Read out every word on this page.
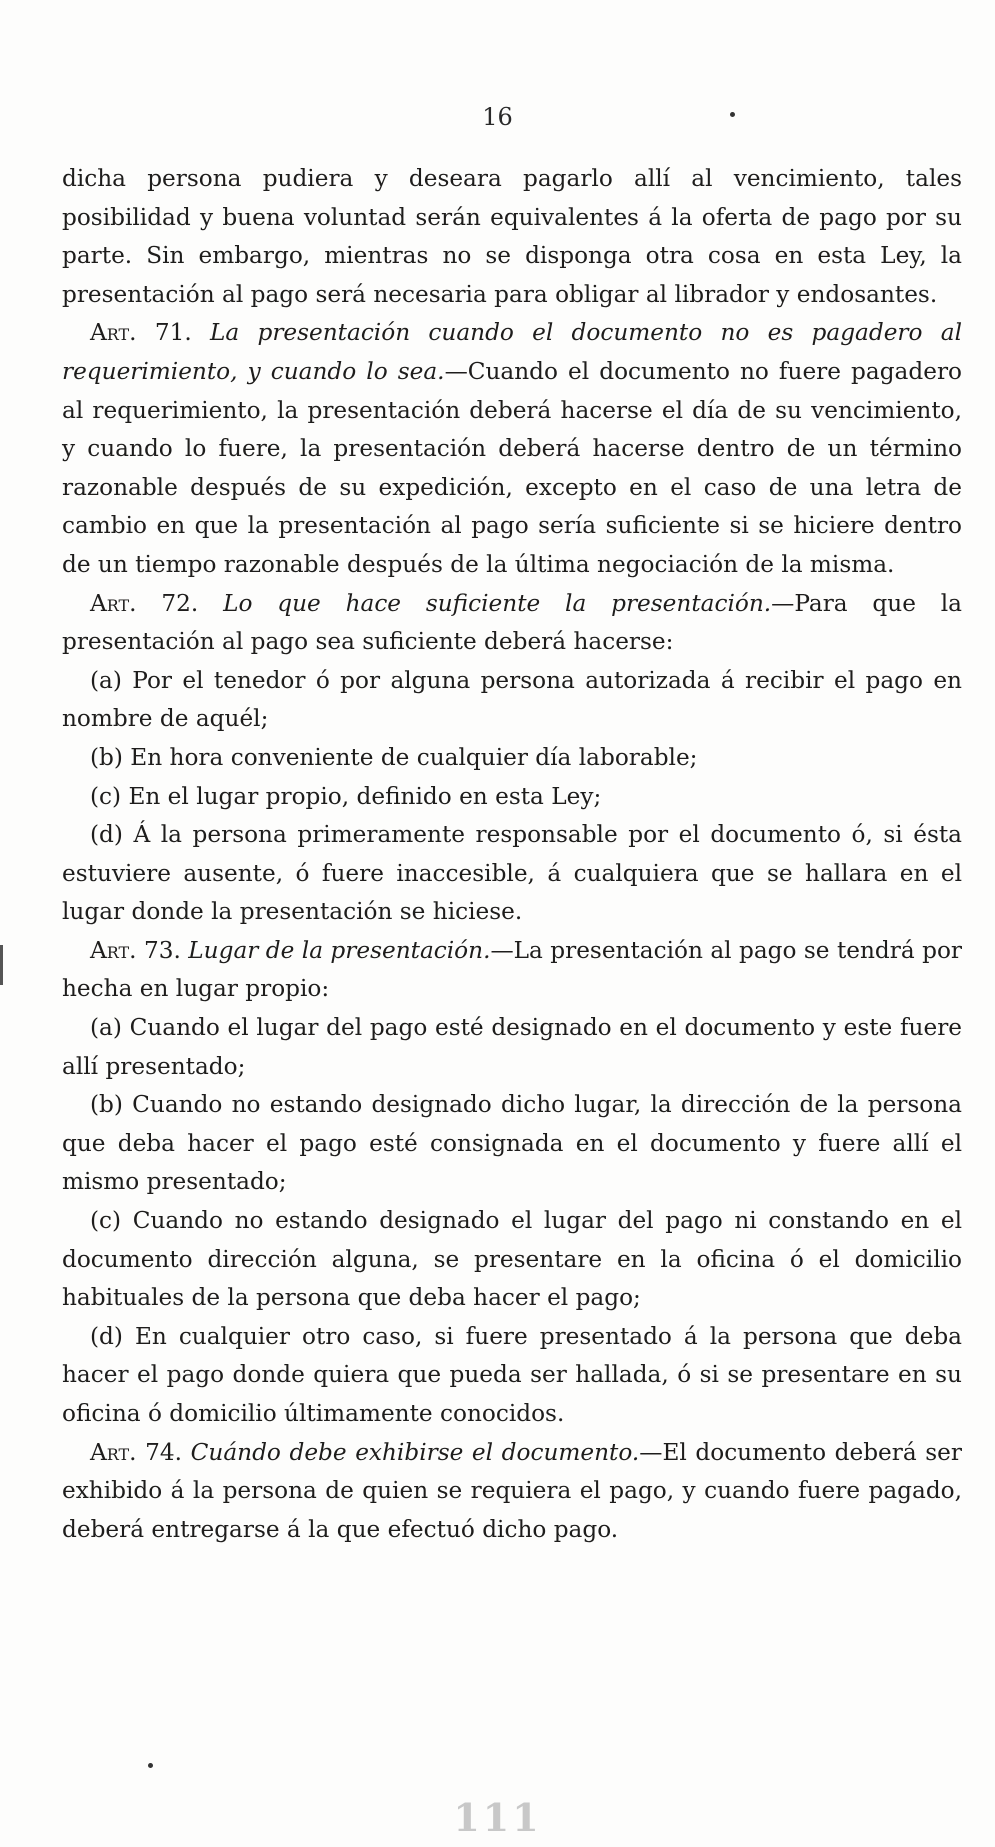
16

dicha persona pudiera y deseara pagarlo allí al vencimiento, tales posibilidad y buena voluntad serán equivalentes á la oferta de pago por su parte. Sin embargo, mientras no se disponga otra cosa en esta Ley, la presentación al pago será necesaria para obligar al librador y endosantes.

Art. 71. La presentación cuando el documento no es pagadero al requerimiento, y cuando lo sea.—Cuando el documento no fuere pagadero al requerimiento, la presentación deberá hacerse el día de su vencimiento, y cuando lo fuere, la presentación deberá hacerse dentro de un término razonable después de su expedición, excepto en el caso de una letra de cambio en que la presentación al pago sería suficiente si se hiciere dentro de un tiempo razonable después de la última negociación de la misma.

Art. 72. Lo que hace suficiente la presentación.—Para que la presentación al pago sea suficiente deberá hacerse:

(a) Por el tenedor ó por alguna persona autorizada á recibir el pago en nombre de aquél;

(b) En hora conveniente de cualquier día laborable;

(c) En el lugar propio, definido en esta Ley;

(d) Á la persona primeramente responsable por el documento ó, si ésta estuviere ausente, ó fuere inaccesible, á cualquiera que se hallara en el lugar donde la presentación se hiciese.

Art. 73. Lugar de la presentación.—La presentación al pago se tendrá por hecha en lugar propio:

(a) Cuando el lugar del pago esté designado en el documento y este fuere allí presentado;

(b) Cuando no estando designado dicho lugar, la dirección de la persona que deba hacer el pago esté consignada en el documento y fuere allí el mismo presentado;

(c) Cuando no estando designado el lugar del pago ni constando en el documento dirección alguna, se presentare en la oficina ó el domicilio habituales de la persona que deba hacer el pago;

(d) En cualquier otro caso, si fuere presentado á la persona que deba hacer el pago donde quiera que pueda ser hallada, ó si se presentare en su oficina ó domicilio últimamente conocidos.

Art. 74. Cuándo debe exhibirse el documento.—El documento deberá ser exhibido á la persona de quien se requiera el pago, y cuando fuere pagado, deberá entregarse á la que efectuó dicho pago.

111
